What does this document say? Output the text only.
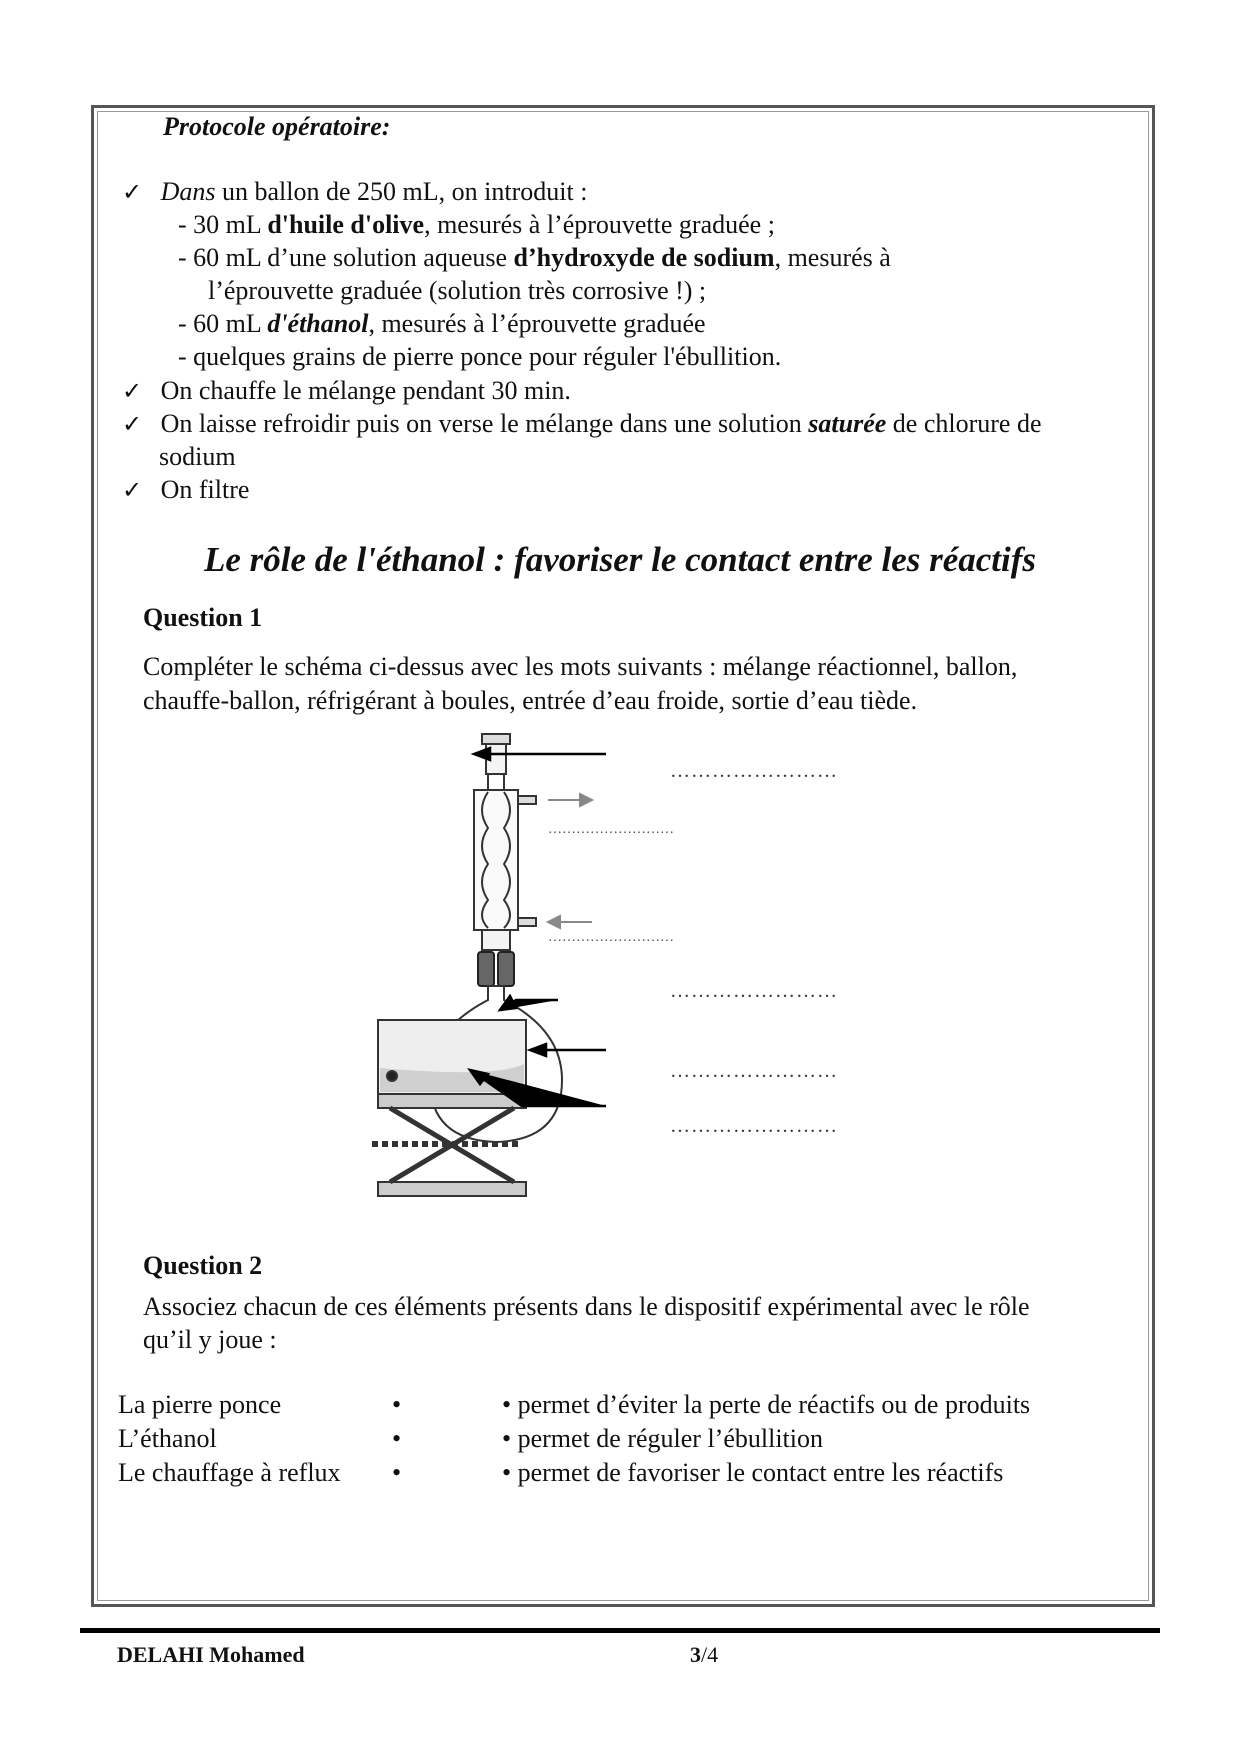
Protocole opératoire:
✓ Dans un ballon de 250 mL, on introduit :
- 30 mL d'huile d'olive, mesurés à l’éprouvette graduée ;
- 60 mL d’une solution aqueuse d’hydroxyde de sodium, mesurés à
l’éprouvette graduée (solution très corrosive !) ;
- 60 mL d'éthanol, mesurés à l’éprouvette graduée
- quelques grains de pierre ponce pour réguler l'ébullition.
✓ On chauffe le mélange pendant 30 min.
✓ On laisse refroidir puis on verse le mélange dans une solution saturée de chlorure de
sodium
✓ On filtre
Le rôle de l'éthanol : favoriser le contact entre les réactifs
Question 1
Compléter le schéma ci-dessus avec les mots suivants : mélange réactionnel, ballon,
chauffe-ballon, réfrigérant à boules, entrée d’eau froide, sortie d’eau tiède.
……………………
………………………
………………………
……………………
……………………
……………………
Question 2
Associez chacun de ces éléments présents dans le dispositif expérimental avec le rôle
qu’il y joue :
La pierre ponce
L’éthanol
Le chauffage à reflux
•
•
•
• permet d’éviter la perte de réactifs ou de produits
• permet de réguler l’ébullition
• permet de favoriser le contact entre les réactifs
DELAHI Mohamed	3/4
